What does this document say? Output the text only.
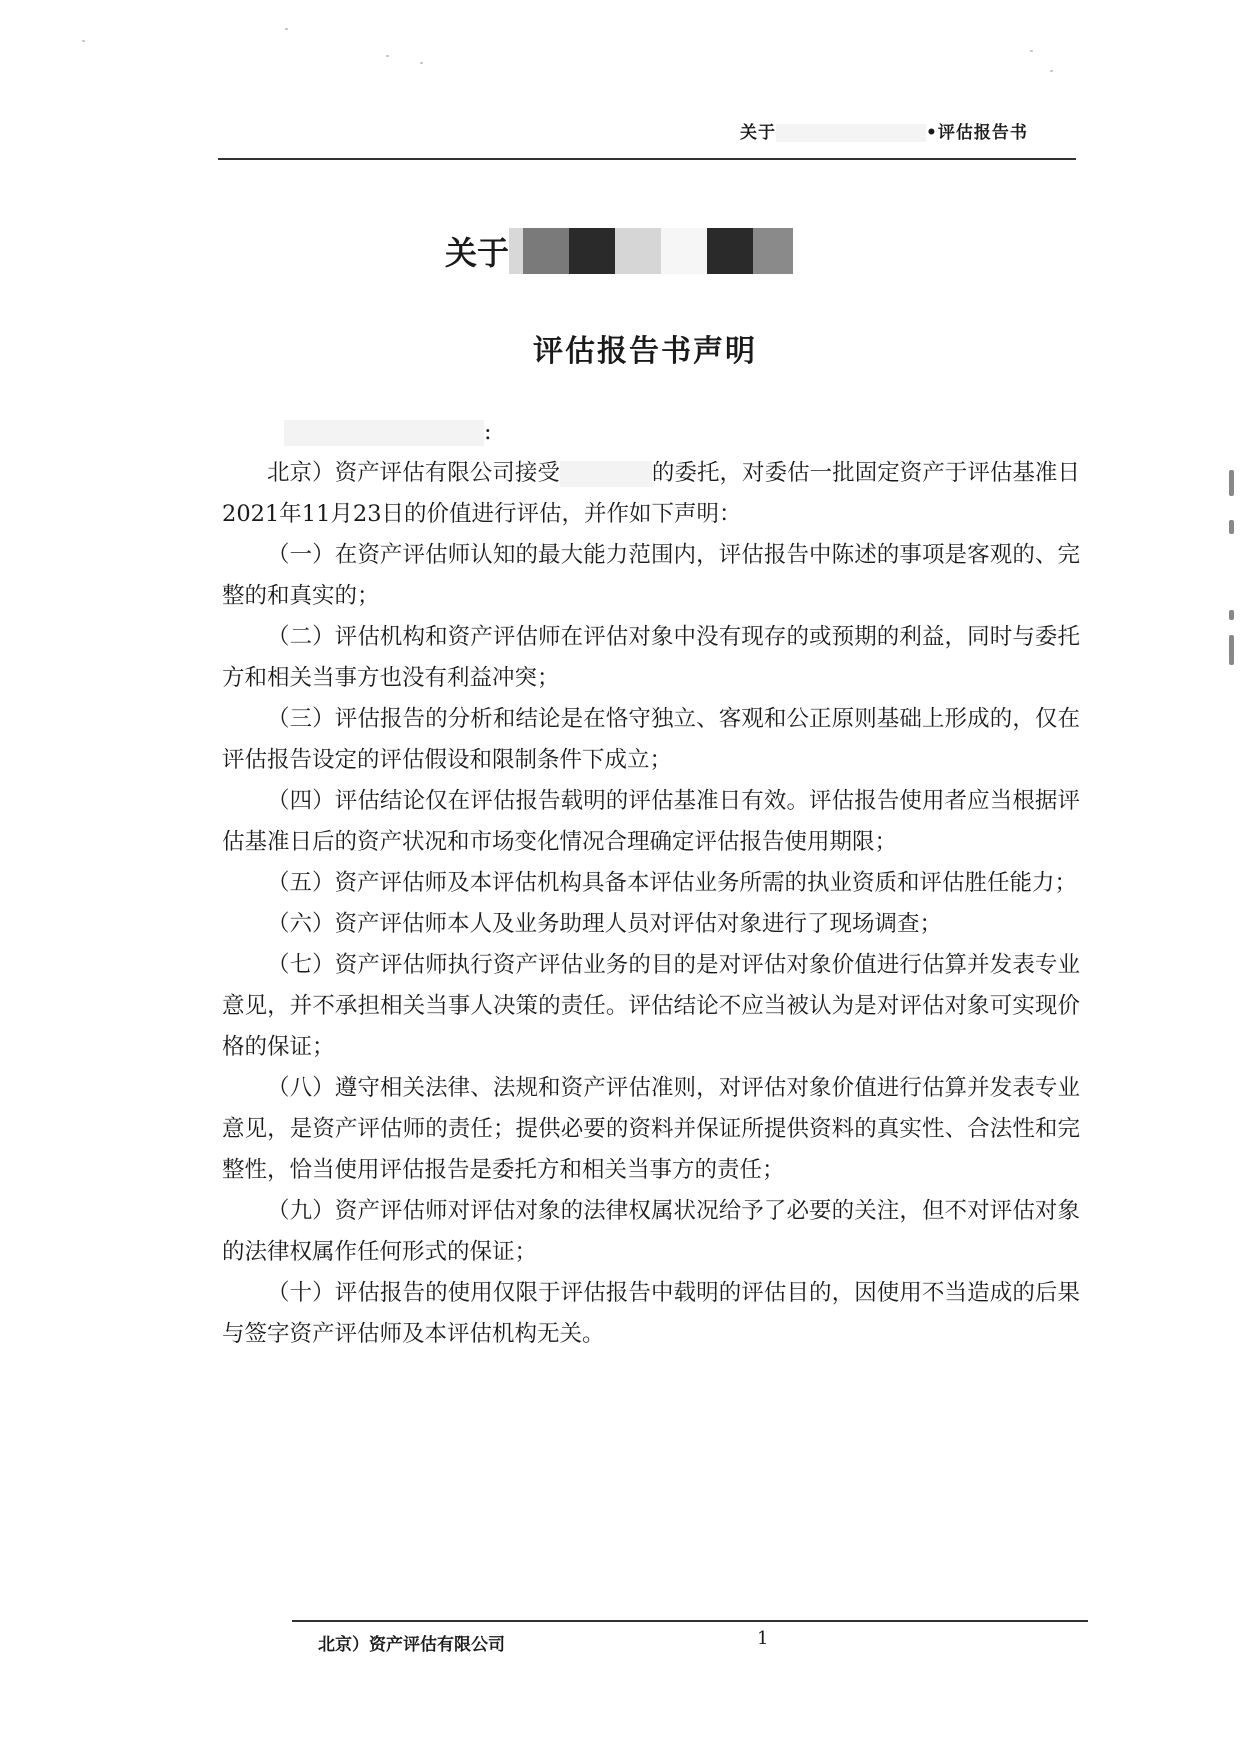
关于	•评估报告书
关于
评估报告书声明

:

北京）资产评估有限公司接受	的委托，对委估一批固定资产于评估基准日2021年11月23日的价值进行评估，并作如下声明：

（一）在资产评估师认知的最大能力范围内，评估报告中陈述的事项是客观的、完整的和真实的；

（二）评估机构和资产评估师在评估对象中没有现存的或预期的利益，同时与委托方和相关当事方也没有利益冲突；

（三）评估报告的分析和结论是在恪守独立、客观和公正原则基础上形成的，仅在评估报告设定的评估假设和限制条件下成立；

（四）评估结论仅在评估报告载明的评估基准日有效。评估报告使用者应当根据评估基准日后的资产状况和市场变化情况合理确定评估报告使用期限；

（五）资产评估师及本评估机构具备本评估业务所需的执业资质和评估胜任能力；

（六）资产评估师本人及业务助理人员对评估对象进行了现场调查；

（七）资产评估师执行资产评估业务的目的是对评估对象价值进行估算并发表专业意见，并不承担相关当事人决策的责任。评估结论不应当被认为是对评估对象可实现价格的保证；

（八）遵守相关法律、法规和资产评估准则，对评估对象价值进行估算并发表专业意见，是资产评估师的责任；提供必要的资料并保证所提供资料的真实性、合法性和完整性，恰当使用评估报告是委托方和相关当事方的责任；

（九）资产评估师对评估对象的法律权属状况给予了必要的关注，但不对评估对象的法律权属作任何形式的保证；

（十）评估报告的使用仅限于评估报告中载明的评估目的，因使用不当造成的后果与签字资产评估师及本评估机构无关。

北京）资产评估有限公司	1
